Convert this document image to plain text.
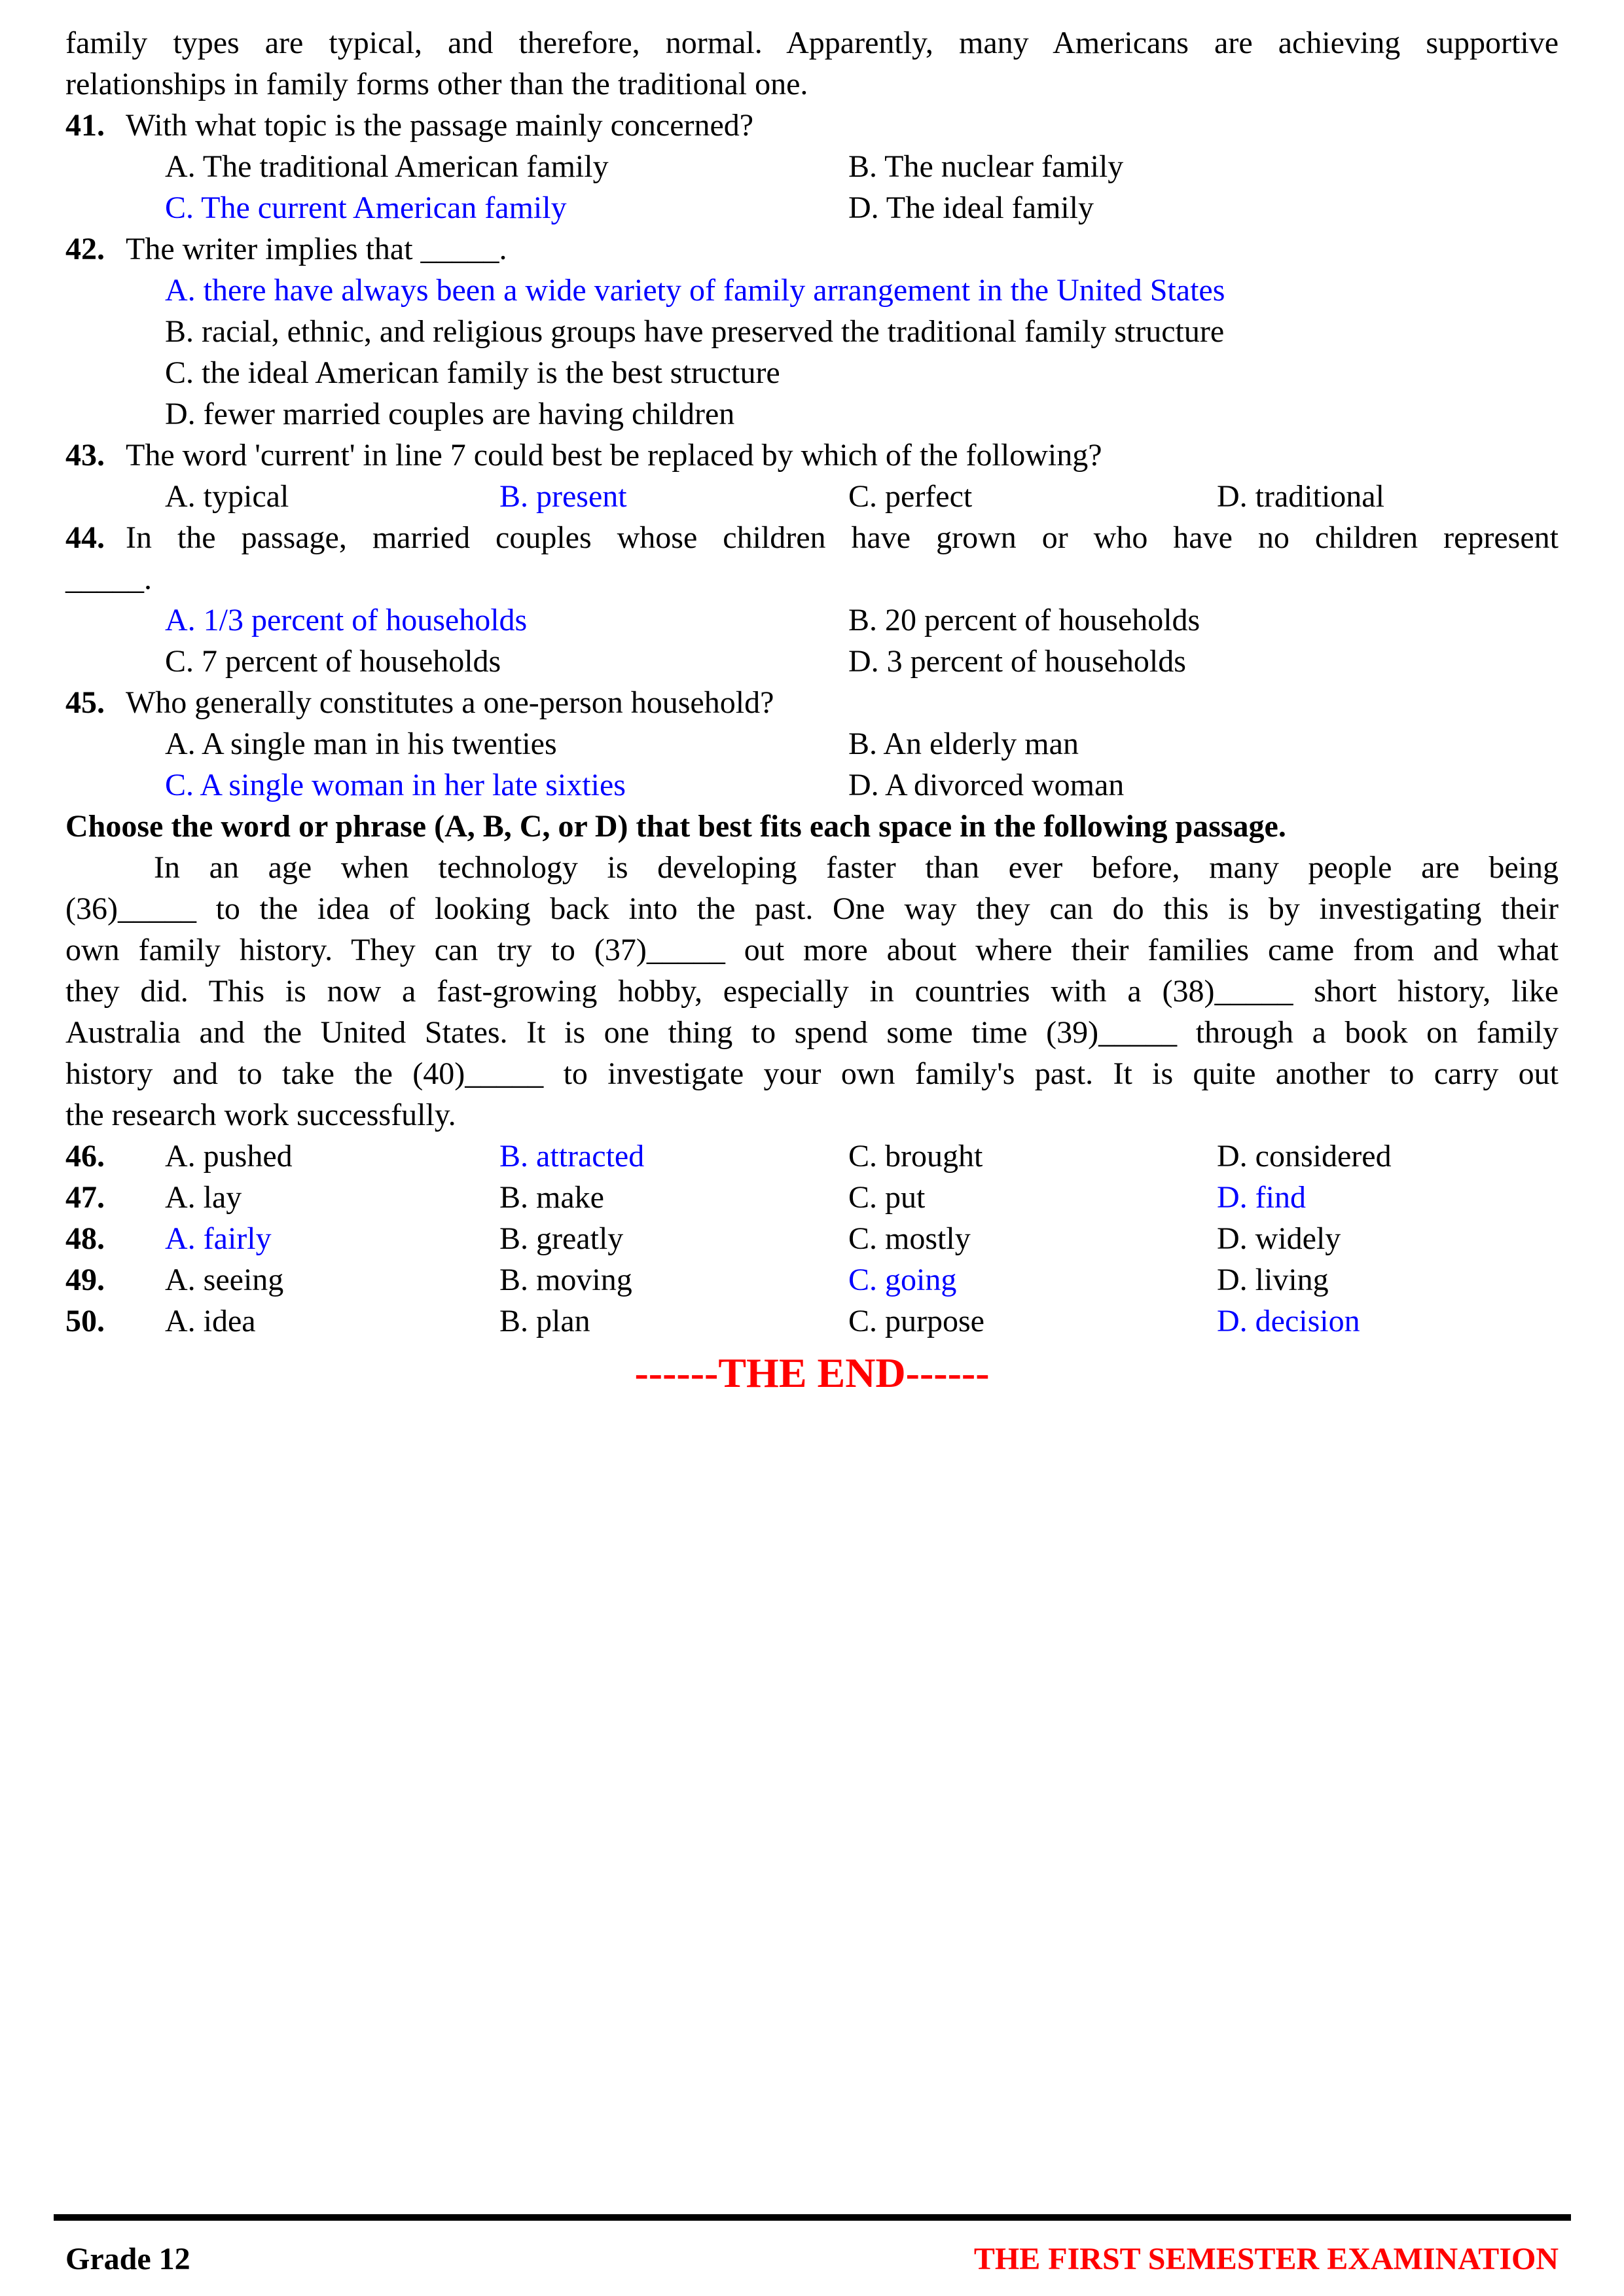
family types are typical, and therefore, normal. Apparently, many Americans are achieving supportive
relationships in family forms other than the traditional one.
41. With what topic is the passage mainly concerned?
A. The traditional American family	B. The nuclear family
C. The current American family	D. The ideal family
42. The writer implies that _____.
A. there have always been a wide variety of family arrangement in the United States
B. racial, ethnic, and religious groups have preserved the traditional family structure
C. the ideal American family is the best structure
D. fewer married couples are having children
43. The word 'current' in line 7 could best be replaced by which of the following?
A. typical	B. present	C. perfect	D. traditional
44. In the passage, married couples whose children have grown or who have no children represent
_____.
A. 1/3 percent of households	B. 20 percent of households
C. 7 percent of households	D. 3 percent of households
45. Who generally constitutes a one-person household?
A. A single man in his twenties	B. An elderly man
C. A single woman in her late sixties	D. A divorced woman
Choose the word or phrase (A, B, C, or D) that best fits each space in the following passage.
In an age when technology is developing faster than ever before, many people are being
(36)_____ to the idea of looking back into the past. One way they can do this is by investigating their
own family history. They can try to (37)_____ out more about where their families came from and what
they did. This is now a fast-growing hobby, especially in countries with a (38)_____ short history, like
Australia and the United States. It is one thing to spend some time (39)_____ through a book on family
history and to take the (40)_____ to investigate your own family's past. It is quite another to carry out
the research work successfully.
46. A. pushed	B. attracted	C. brought	D. considered
47. A. lay	B. make	C. put	D. find
48. A. fairly	B. greatly	C. mostly	D. widely
49. A. seeing	B. moving	C. going	D. living
50. A. idea	B. plan	C. purpose	D. decision
------THE END------
Grade 12	THE FIRST SEMESTER EXAMINATION
